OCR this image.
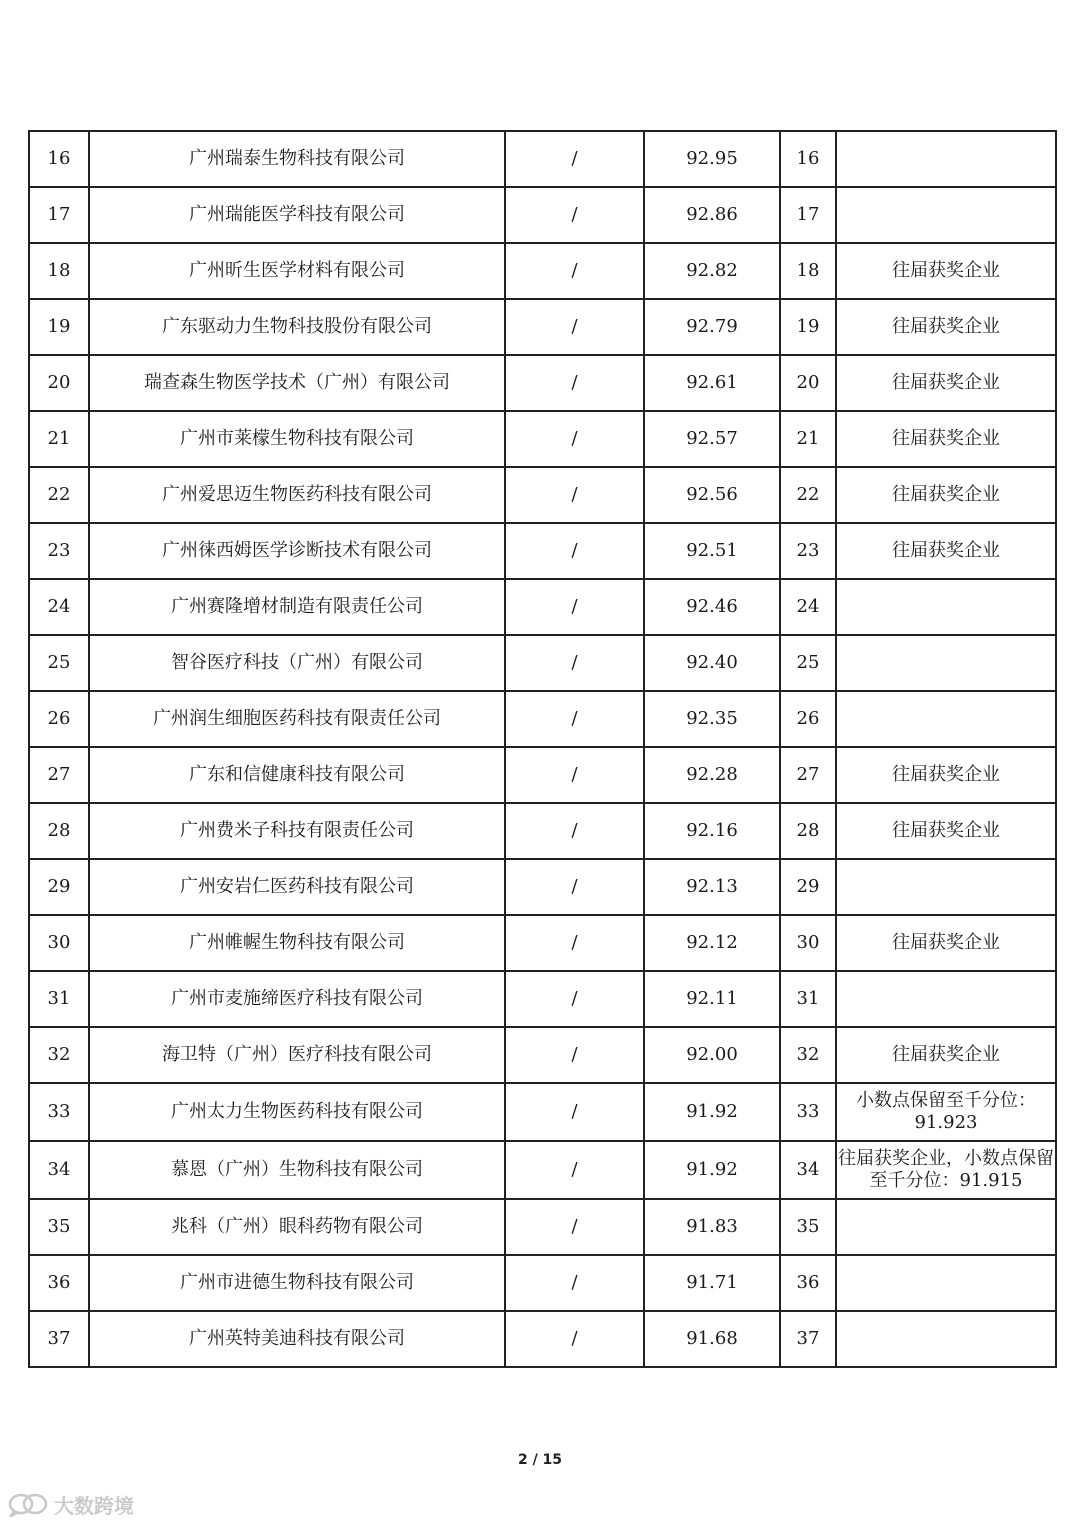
16	广州瑞泰生物科技有限公司	/	92.95	16	
17	广州瑞能医学科技有限公司	/	92.86	17	
18	广州昕生医学材料有限公司	/	92.82	18	往届获奖企业
19	广东驱动力生物科技股份有限公司	/	92.79	19	往届获奖企业
20	瑞查森生物医学技术（广州）有限公司	/	92.61	20	往届获奖企业
21	广州市莱檬生物科技有限公司	/	92.57	21	往届获奖企业
22	广州爱思迈生物医药科技有限公司	/	92.56	22	往届获奖企业
23	广州徕西姆医学诊断技术有限公司	/	92.51	23	往届获奖企业
24	广州赛隆增材制造有限责任公司	/	92.46	24	
25	智谷医疗科技（广州）有限公司	/	92.40	25	
26	广州润生细胞医药科技有限责任公司	/	92.35	26	
27	广东和信健康科技有限公司	/	92.28	27	往届获奖企业
28	广州费米子科技有限责任公司	/	92.16	28	往届获奖企业
29	广州安岩仁医药科技有限公司	/	92.13	29	
30	广州帷幄生物科技有限公司	/	92.12	30	往届获奖企业
31	广州市麦施缔医疗科技有限公司	/	92.11	31	
32	海卫特（广州）医疗科技有限公司	/	92.00	32	往届获奖企业
33	广州太力生物医药科技有限公司	/	91.92	33	小数点保留至千分位：91.923
34	慕恩（广州）生物科技有限公司	/	91.92	34	往届获奖企业，小数点保留至千分位：91.915
35	兆科（广州）眼科药物有限公司	/	91.83	35	
36	广州市进德生物科技有限公司	/	91.71	36	
37	广州英特美迪科技有限公司	/	91.68	37	
2 / 15
大数跨境
